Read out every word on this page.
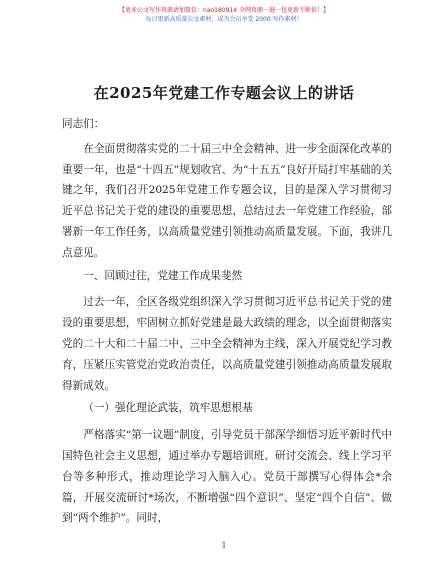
【更多公文写作资源请加微信：nao180914 全网资源一键一包更新不断供！】
每日更新高质量公文素材，成为会员享受 2000 写作素材！
在2025年党建工作专题会议上的讲话

同志们：

在全面贯彻落实党的二十届三中全会精神、进一步全面深化改革的重要一年，也是“十四五”规划收官、为“十五五”良好开局打牢基础的关键之年，我们召开2025年党建工作专题会议，目的是深入学习贯彻习近平总书记关于党的建设的重要思想，总结过去一年党建工作经验，部署新一年工作任务，以高质量党建引领推动高质量发展。下面，我讲几点意见。

一、回顾过往，党建工作成果斐然

过去一年，全区各级党组织深入学习贯彻习近平总书记关于党的建设的重要思想，牢固树立抓好党建是最大政绩的理念，以全面贯彻落实党的二十大和二十届二中、三中全会精神为主线，深入开展党纪学习教育，压紧压实管党治党政治责任，以高质量党建引领推动高质量发展取得新成效。

（一）强化理论武装，筑牢思想根基

严格落实“第一议题”制度，引导党员干部深学细悟习近平新时代中国特色社会主义思想，通过举办专题培训班、研讨交流会、线上学习平台等多种形式，推动理论学习入脑入心。党员干部撰写心得体会*余篇，开展交流研讨*场次，不断增强“四个意识”、坚定“四个自信”、做到“两个维护”。同时，

1
